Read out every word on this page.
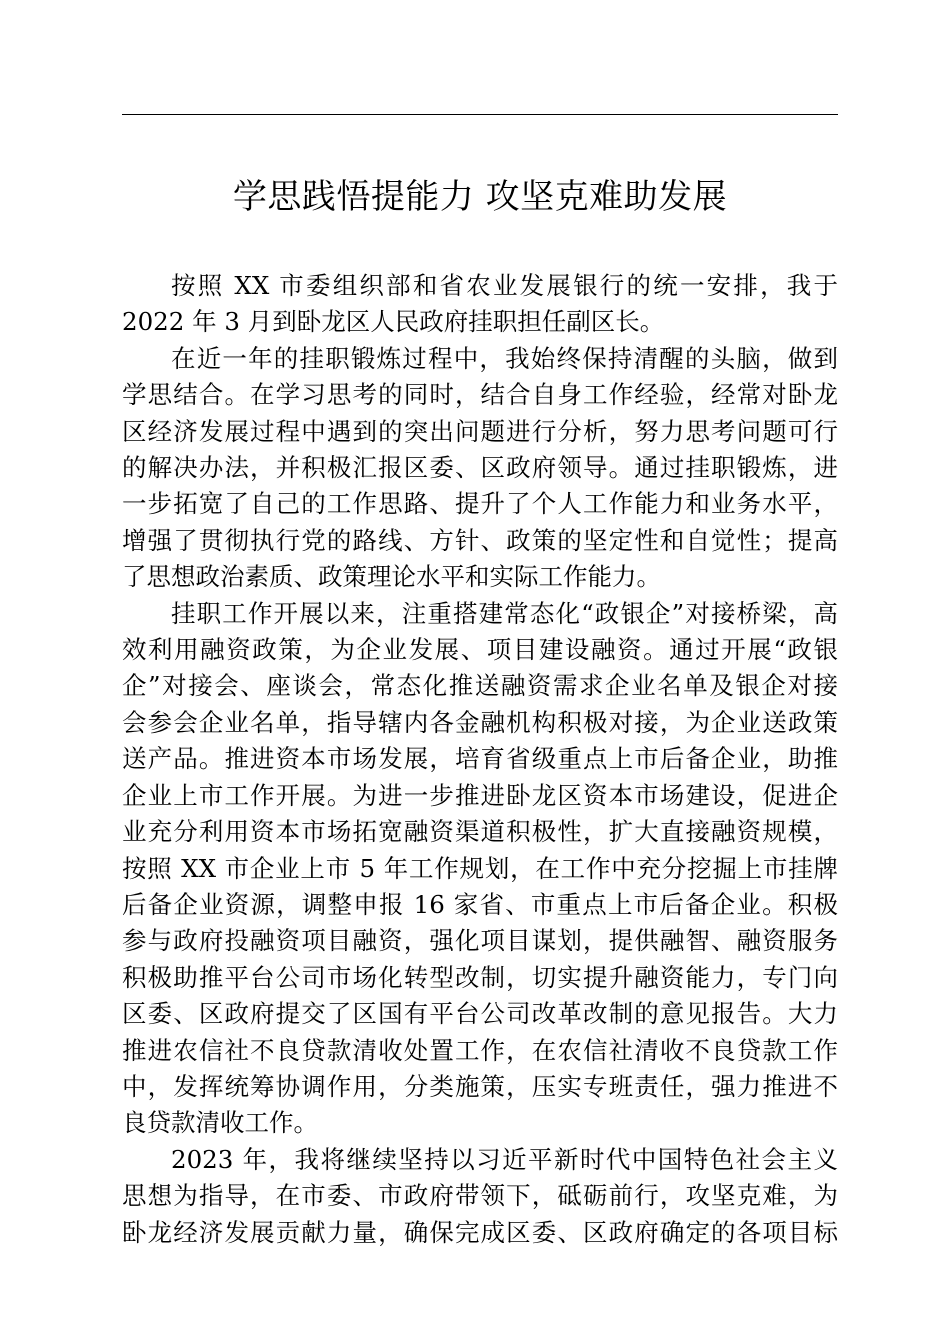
学思践悟提能力 攻坚克难助发展

按照 XX 市委组织部和省农业发展银行的统一安排，我于
2022 年 3 月到卧龙区人民政府挂职担任副区长。

在近一年的挂职锻炼过程中，我始终保持清醒的头脑，做到
学思结合。在学习思考的同时，结合自身工作经验，经常对卧龙
区经济发展过程中遇到的突出问题进行分析，努力思考问题可行
的解决办法，并积极汇报区委、区政府领导。通过挂职锻炼，进
一步拓宽了自己的工作思路、提升了个人工作能力和业务水平，
增强了贯彻执行党的路线、方针、政策的坚定性和自觉性；提高
了思想政治素质、政策理论水平和实际工作能力。

挂职工作开展以来，注重搭建常态化“政银企”对接桥梁，高
效利用融资政策，为企业发展、项目建设融资。通过开展“政银
企”对接会、座谈会，常态化推送融资需求企业名单及银企对接
会参会企业名单，指导辖内各金融机构积极对接，为企业送政策
送产品。推进资本市场发展，培育省级重点上市后备企业，助推
企业上市工作开展。为进一步推进卧龙区资本市场建设，促进企
业充分利用资本市场拓宽融资渠道积极性，扩大直接融资规模，
按照 XX 市企业上市 5 年工作规划，在工作中充分挖掘上市挂牌
后备企业资源，调整申报 16 家省、市重点上市后备企业。积极
参与政府投融资项目融资，强化项目谋划，提供融智、融资服务
积极助推平台公司市场化转型改制，切实提升融资能力，专门向
区委、区政府提交了区国有平台公司改革改制的意见报告。大力
推进农信社不良贷款清收处置工作，在农信社清收不良贷款工作
中，发挥统筹协调作用，分类施策，压实专班责任，强力推进不
良贷款清收工作。

2023 年，我将继续坚持以习近平新时代中国特色社会主义
思想为指导，在市委、市政府带领下，砥砺前行，攻坚克难，为
卧龙经济发展贡献力量，确保完成区委、区政府确定的各项目标
